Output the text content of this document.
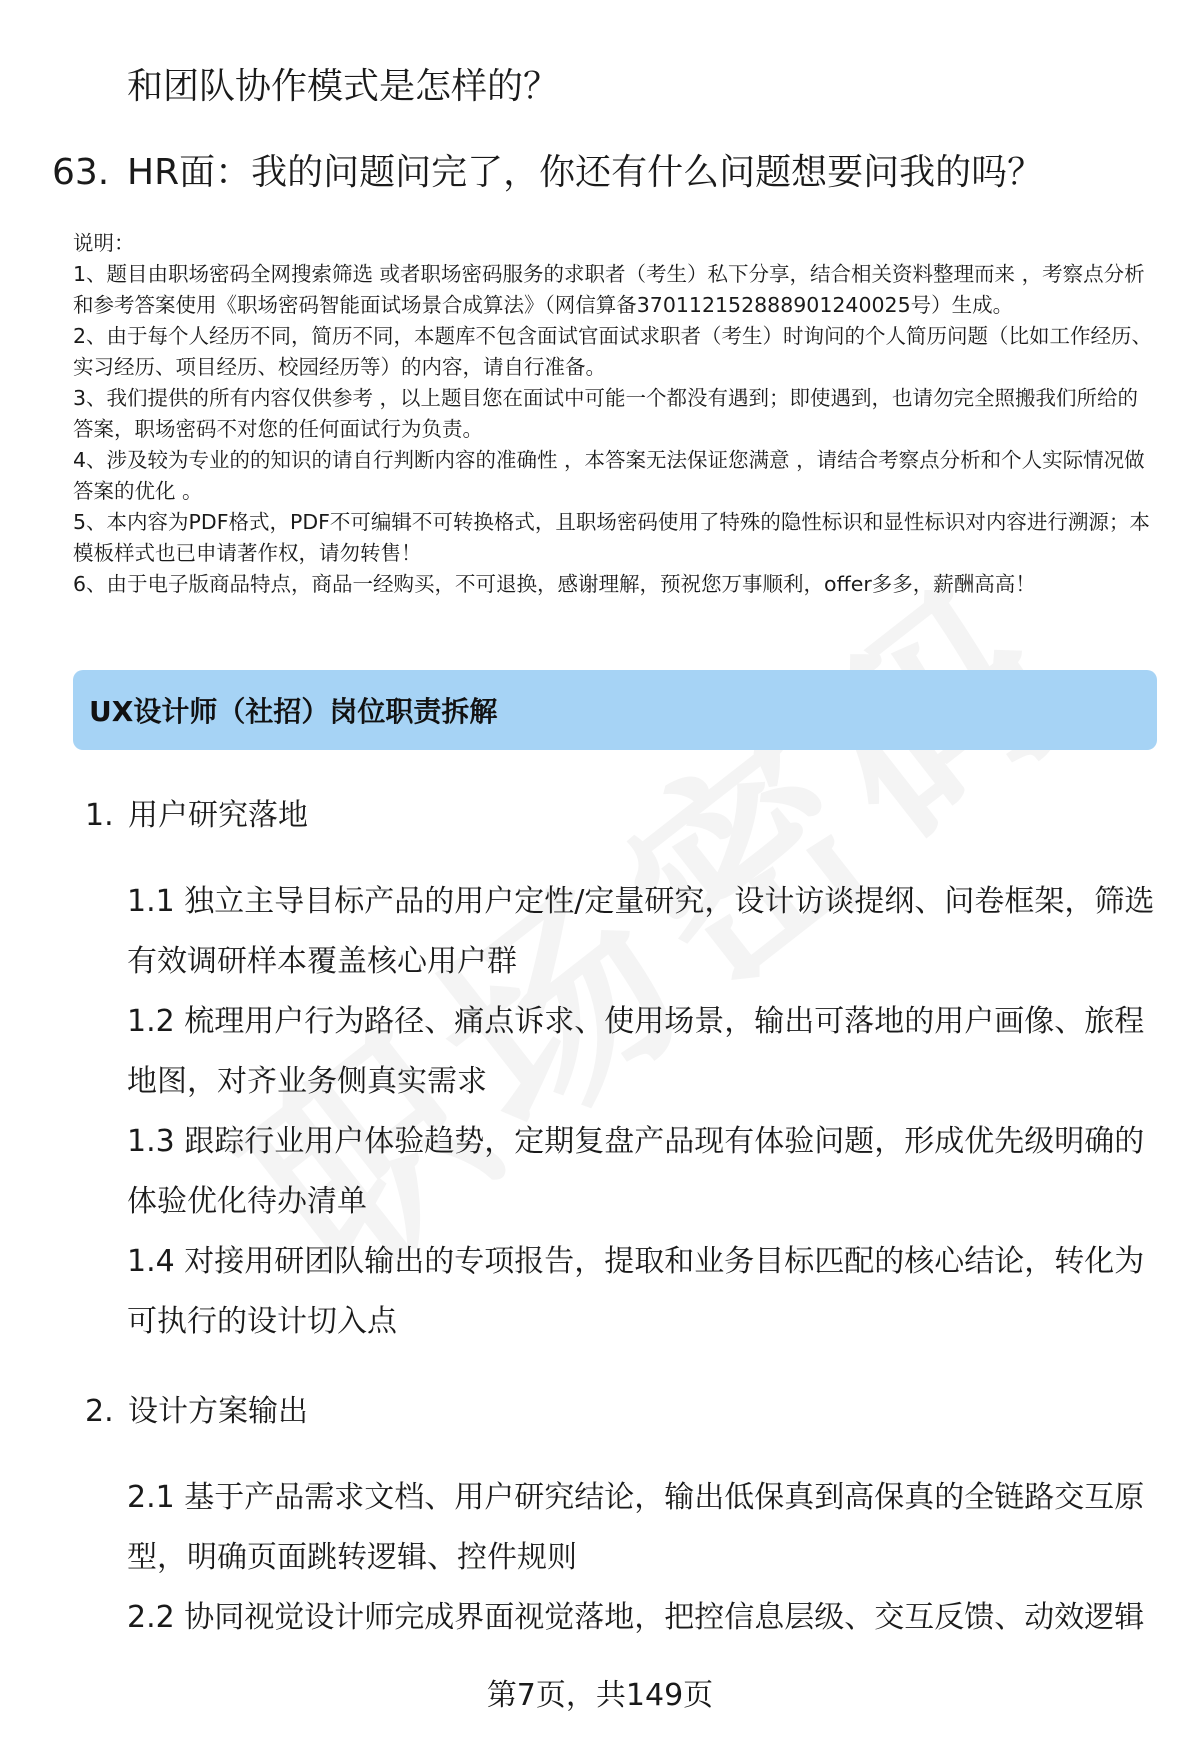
和团队协作模式是怎样的？
63. HR面：我的问题问完了，你还有什么问题想要问我的吗？

说明：

1、题目由职场密码全网搜索筛选 或者职场密码服务的求职者（考生）私下分享，结合相关资料整理而来 ，考察点分析和参考答案使用《职场密码智能面试场景合成算法》（网信算备370112152888901240025号）生成。

2、由于每个人经历不同，简历不同，本题库不包含面试官面试求职者（考生）时询问的个人简历问题（比如工作经历、实习经历、项目经历、校园经历等）的内容，请自行准备。

3、我们提供的所有内容仅供参考 ，以上题目您在面试中可能一个都没有遇到；即使遇到，也请勿完全照搬我们所给的答案，职场密码不对您的任何面试行为负责。

4、涉及较为专业的的知识的请自行判断内容的准确性 ，本答案无法保证您满意 ，请结合考察点分析和个人实际情况做答案的优化 。

5、本内容为PDF格式，PDF不可编辑不可转换格式，且职场密码使用了特殊的隐性标识和显性标识对内容进行溯源；本模板样式也已申请著作权，请勿转售！

6、由于电子版商品特点，商品一经购买，不可退换，感谢理解，预祝您万事顺利，offer多多，薪酬高高！

UX设计师（社招）岗位职责拆解
1. 用户研究落地
1.1 独立主导目标产品的用户定性/定量研究，设计访谈提纲、问卷框架，筛选有效调研样本覆盖核心用户群
1.2 梳理用户行为路径、痛点诉求、使用场景，输出可落地的用户画像、旅程地图，对齐业务侧真实需求
1.3 跟踪行业用户体验趋势，定期复盘产品现有体验问题，形成优先级明确的体验优化待办清单
1.4 对接用研团队输出的专项报告，提取和业务目标匹配的核心结论，转化为可执行的设计切入点
2. 设计方案输出
2.1 基于产品需求文档、用户研究结论，输出低保真到高保真的全链路交互原型，明确页面跳转逻辑、控件规则
2.2 协同视觉设计师完成界面视觉落地，把控信息层级、交互反馈、动效逻辑
第7页，共149页
